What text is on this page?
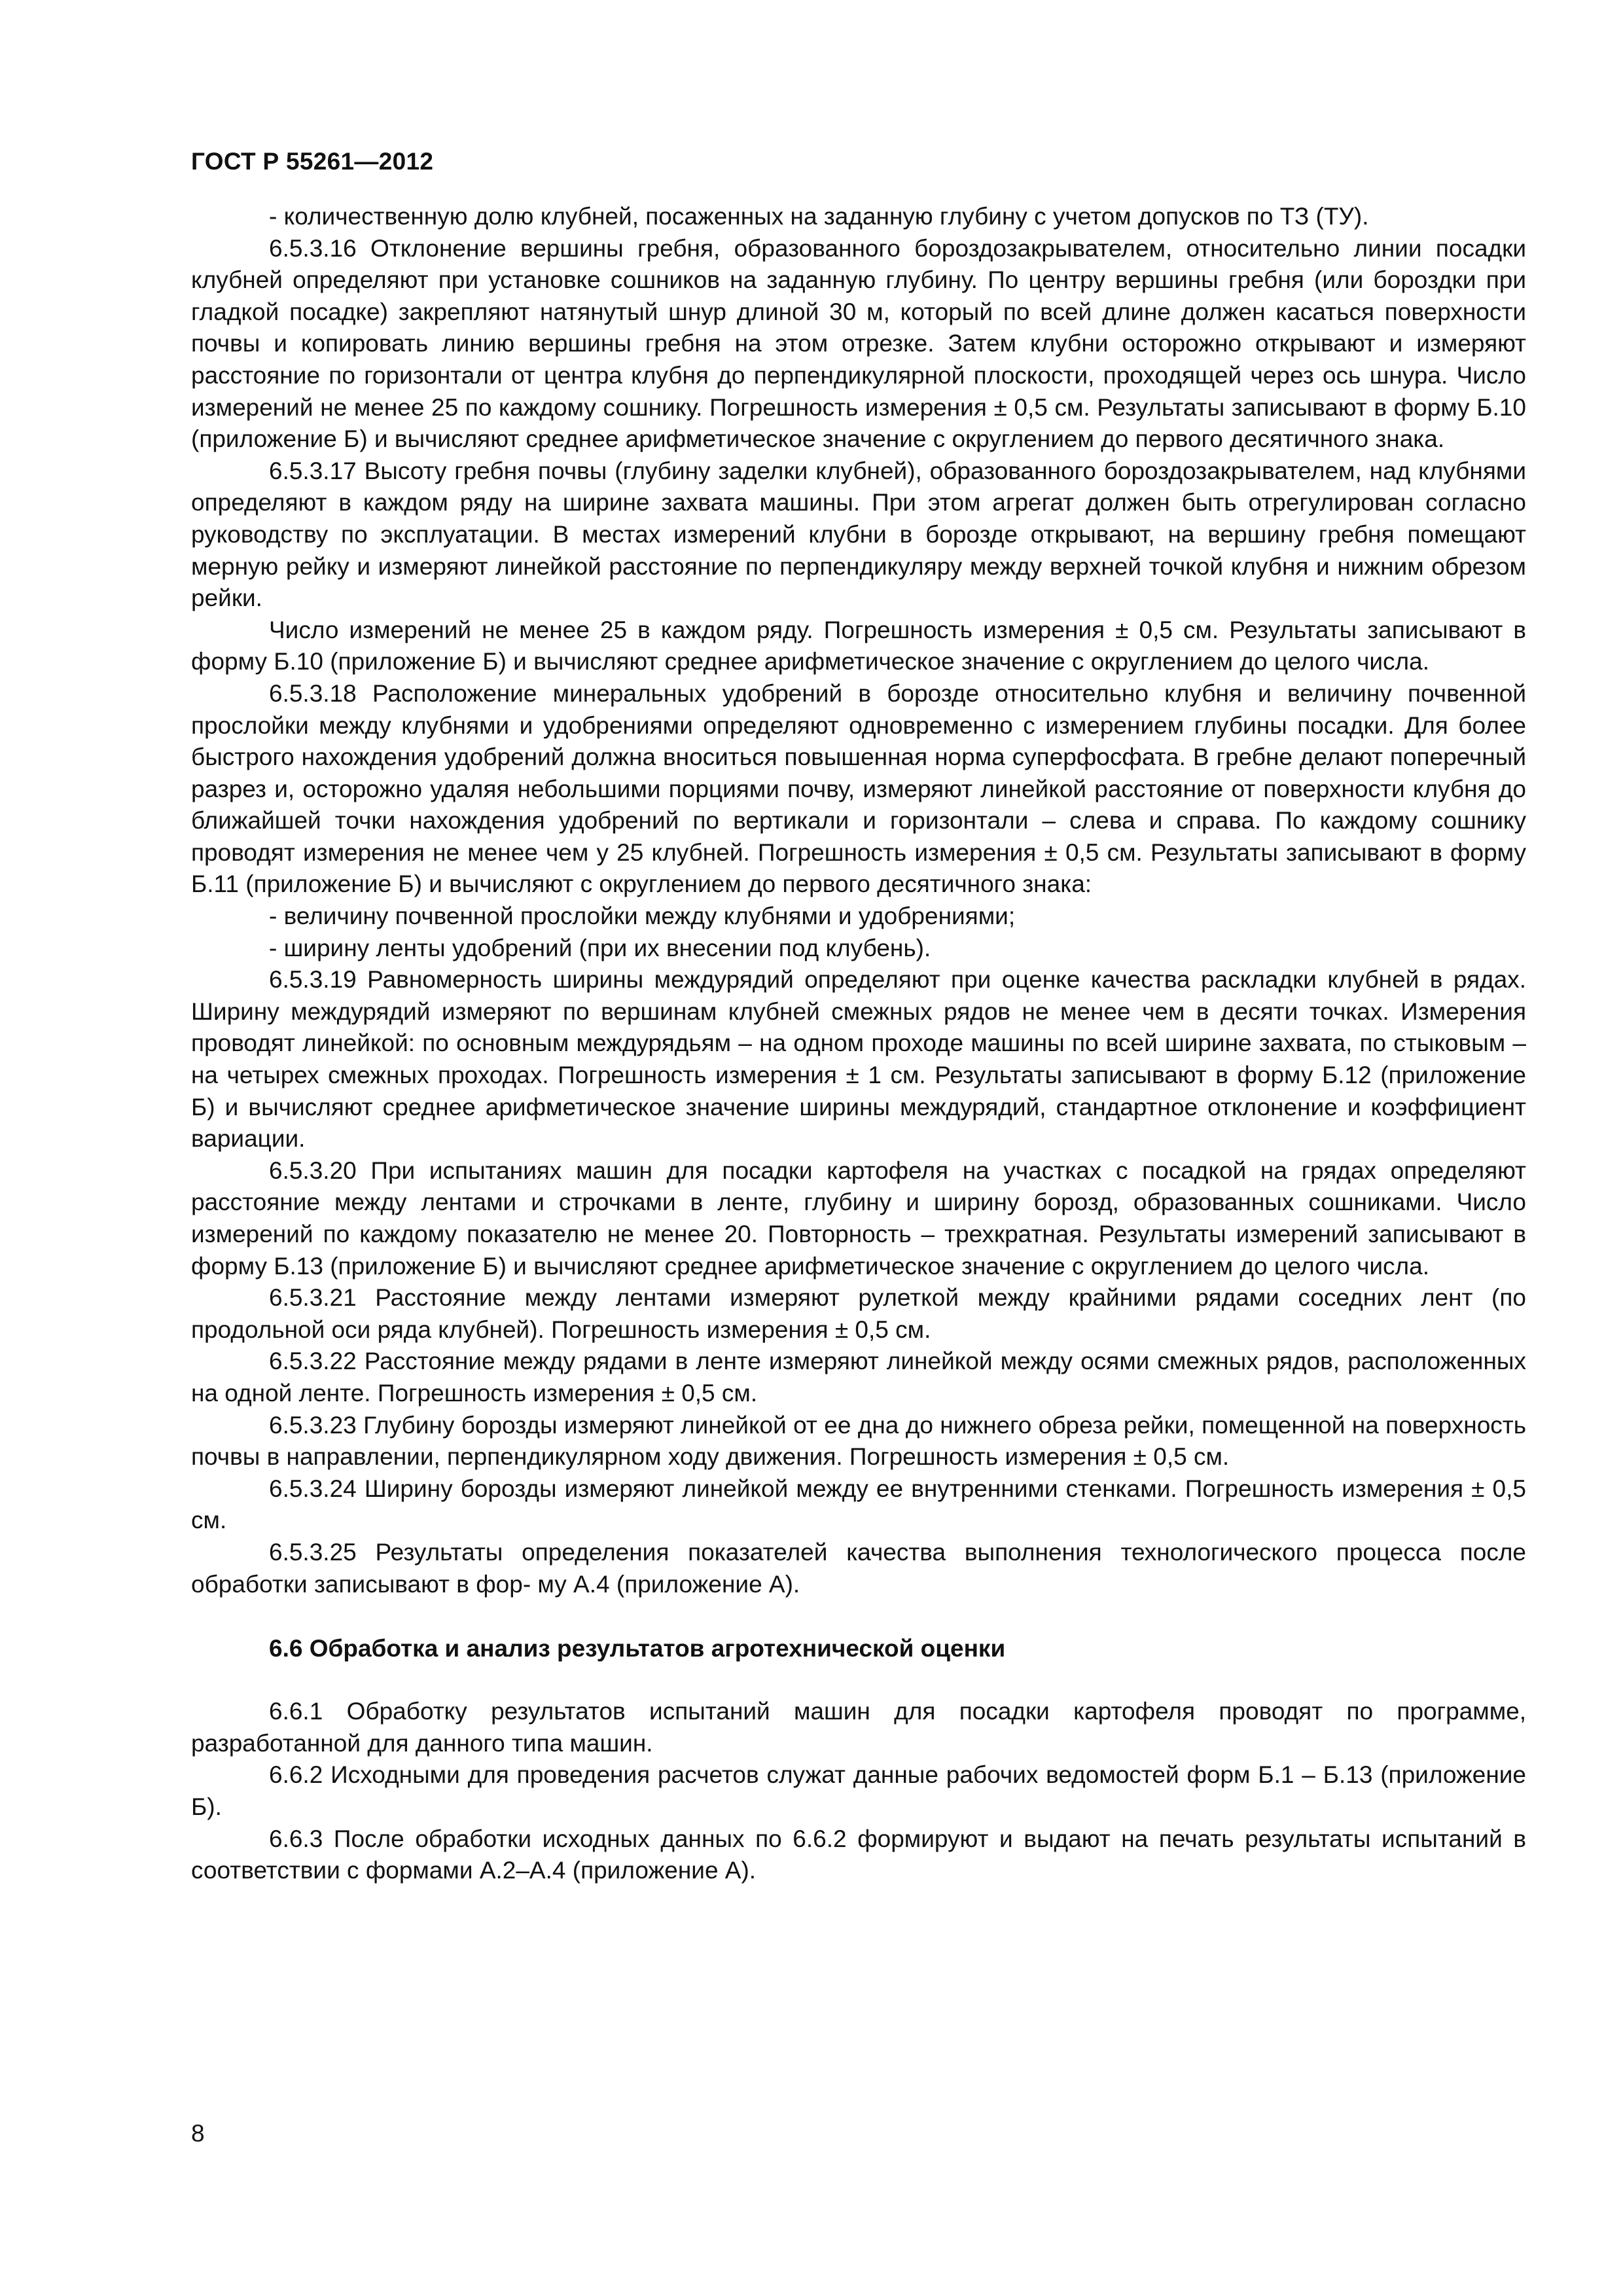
ГОСТ Р 55261—2012

- количественную долю клубней, посаженных на заданную глубину с учетом допусков по ТЗ (ТУ).

6.5.3.16 Отклонение вершины гребня, образованного бороздозакрывателем, относительно линии посадки клубней определяют при установке сошников на заданную глубину. По центру вершины гребня (или бороздки при гладкой посадке) закрепляют натянутый шнур длиной 30 м, который по всей длине должен касаться поверхности почвы и копировать линию вершины гребня на этом отрезке. Затем клубни осторожно открывают и измеряют расстояние по горизонтали от центра клубня до перпендикулярной плоскости, проходящей через ось шнура. Число измерений не менее 25 по каждому сошнику. Погрешность измерения ± 0,5 см. Результаты записывают в форму Б.10 (приложение Б) и вычисляют среднее арифметическое значение с округлением до первого десятичного знака.

6.5.3.17 Высоту гребня почвы (глубину заделки клубней), образованного бороздозакрывателем, над клубнями определяют в каждом ряду на ширине захвата машины. При этом агрегат должен быть отрегулирован согласно руководству по эксплуатации. В местах измерений клубни в борозде открывают, на вершину гребня помещают мерную рейку и измеряют линейкой расстояние по перпендикуляру между верхней точкой клубня и нижним обрезом рейки.

Число измерений не менее 25 в каждом ряду. Погрешность измерения ± 0,5 см. Результаты записывают в форму Б.10 (приложение Б) и вычисляют среднее арифметическое значение с округлением до целого числа.

6.5.3.18 Расположение минеральных удобрений в борозде относительно клубня и величину почвенной прослойки между клубнями и удобрениями определяют одновременно с измерением глубины посадки. Для более быстрого нахождения удобрений должна вноситься повышенная норма суперфосфата. В гребне делают поперечный разрез и, осторожно удаляя небольшими порциями почву, измеряют линейкой расстояние от поверхности клубня до ближайшей точки нахождения удобрений по вертикали и горизонтали – слева и справа. По каждому сошнику проводят измерения не менее чем у 25 клубней. Погрешность измерения ± 0,5 см. Результаты записывают в форму Б.11 (приложение Б) и вычисляют с округлением до первого десятичного знака:

- величину почвенной прослойки между клубнями и удобрениями;

- ширину ленты удобрений (при их внесении под клубень).

6.5.3.19 Равномерность ширины междурядий определяют при оценке качества раскладки клубней в рядах. Ширину междурядий измеряют по вершинам клубней смежных рядов не менее чем в десяти точках. Измерения проводят линейкой: по основным междурядьям – на одном проходе машины по всей ширине захвата, по стыковым – на четырех смежных проходах. Погрешность измерения ± 1 см. Результаты записывают в форму Б.12 (приложение Б) и вычисляют среднее арифметическое значение ширины междурядий, стандартное отклонение и коэффициент вариации.

6.5.3.20 При испытаниях машин для посадки картофеля на участках с посадкой на грядах определяют расстояние между лентами и строчками в ленте, глубину и ширину борозд, образованных сошниками. Число измерений по каждому показателю не менее 20. Повторность – трехкратная. Результаты измерений записывают в форму Б.13 (приложение Б) и вычисляют среднее арифметическое значение с округлением до целого числа.

6.5.3.21 Расстояние между лентами измеряют рулеткой между крайними рядами соседних лент (по продольной оси ряда клубней). Погрешность измерения ± 0,5 см.

6.5.3.22 Расстояние между рядами в ленте измеряют линейкой между осями смежных рядов, расположенных на одной ленте. Погрешность измерения ± 0,5 см.

6.5.3.23 Глубину борозды измеряют линейкой от ее дна до нижнего обреза рейки, помещенной на поверхность почвы в направлении, перпендикулярном ходу движения. Погрешность измерения ± 0,5 см.

6.5.3.24 Ширину борозды измеряют линейкой между ее внутренними стенками. Погрешность измерения ± 0,5 см.

6.5.3.25 Результаты определения показателей качества выполнения технологического процесса после обработки записывают в фор- му А.4 (приложение А).

6.6 Обработка и анализ результатов агротехнической оценки

6.6.1 Обработку результатов испытаний машин для посадки картофеля проводят по программе, разработанной для данного типа машин.

6.6.2 Исходными для проведения расчетов служат данные рабочих ведомостей форм Б.1 – Б.13 (приложение Б).

6.6.3 После обработки исходных данных по 6.6.2 формируют и выдают на печать результаты испытаний в соответствии с формами А.2–А.4 (приложение А).

8
